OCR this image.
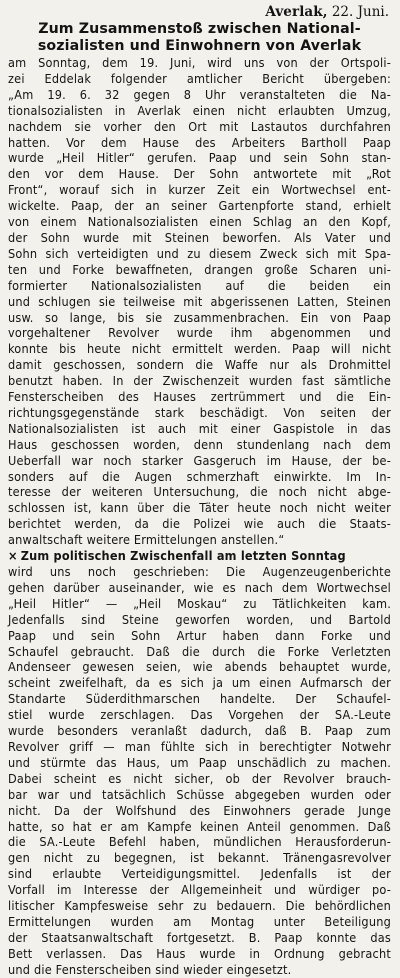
Averlak, 22. Juni.
Zum Zusammenstoß zwischen National-
sozialisten und Einwohnern von Averlak
am Sonntag, dem 19. Juni, wird uns von der Ortspoli-
zei Eddelak folgender amtlicher Bericht übergeben:
„Am 19. 6. 32 gegen 8 Uhr veranstalteten die Na-
tionalsozialisten in Averlak einen nicht erlaubten Umzug,
nachdem sie vorher den Ort mit Lastautos durchfahren
hatten. Vor dem Hause des Arbeiters Bartholl Paap
wurde „Heil Hitler“ gerufen. Paap und sein Sohn stan-
den vor dem Hause. Der Sohn antwortete mit „Rot
Front“, worauf sich in kurzer Zeit ein Wortwechsel ent-
wickelte. Paap, der an seiner Gartenpforte stand, erhielt
von einem Nationalsozialisten einen Schlag an den Kopf,
der Sohn wurde mit Steinen beworfen. Als Vater und
Sohn sich verteidigten und zu diesem Zweck sich mit Spa-
ten und Forke bewaffneten, drangen große Scharen uni-
formierter Nationalsozialisten auf die beiden ein
und schlugen sie teilweise mit abgerissenen Latten, Steinen
usw. so lange, bis sie zusammenbrachen. Ein von Paap
vorgehaltener Revolver wurde ihm abgenommen und
konnte bis heute nicht ermittelt werden. Paap will nicht
damit geschossen, sondern die Waffe nur als Drohmittel
benutzt haben. In der Zwischenzeit wurden fast sämtliche
Fensterscheiben des Hauses zertrümmert und die Ein-
richtungsgegenstände stark beschädigt. Von seiten der
Nationalsozialisten ist auch mit einer Gaspistole in das
Haus geschossen worden, denn stundenlang nach dem
Ueberfall war noch starker Gasgeruch im Hause, der be-
sonders auf die Augen schmerzhaft einwirkte. Im In-
teresse der weiteren Untersuchung, die noch nicht abge-
schlossen ist, kann über die Täter heute noch nicht weiter
berichtet werden, da die Polizei wie auch die Staats-
anwaltschaft weitere Ermittelungen anstellen.“
× Zum politischen Zwischenfall am letzten Sonntag
wird uns noch geschrieben: Die Augenzeugenberichte
gehen darüber auseinander, wie es nach dem Wortwechsel
„Heil Hitler“ — „Heil Moskau“ zu Tätlichkeiten kam.
Jedenfalls sind Steine geworfen worden, und Bartold
Paap und sein Sohn Artur haben dann Forke und
Schaufel gebraucht. Daß die durch die Forke Verletzten
Andenseer gewesen seien, wie abends behauptet wurde,
scheint zweifelhaft, da es sich ja um einen Aufmarsch der
Standarte Süderdithmarschen handelte. Der Schaufel-
stiel wurde zerschlagen. Das Vorgehen der SA.-Leute
wurde besonders veranlaßt dadurch, daß B. Paap zum
Revolver griff — man fühlte sich in berechtigter Notwehr
und stürmte das Haus, um Paap unschädlich zu machen.
Dabei scheint es nicht sicher, ob der Revolver brauch-
bar war und tatsächlich Schüsse abgegeben wurden oder
nicht. Da der Wolfshund des Einwohners gerade Junge
hatte, so hat er am Kampfe keinen Anteil genommen. Daß
die SA.-Leute Befehl haben, mündlichen Herausforderun-
gen nicht zu begegnen, ist bekannt. Tränengasrevolver
sind erlaubte Verteidigungsmittel. Jedenfalls ist der
Vorfall im Interesse der Allgemeinheit und würdiger po-
litischer Kampfesweise sehr zu bedauern. Die behördlichen
Ermittelungen wurden am Montag unter Beteiligung
der Staatsanwaltschaft fortgesetzt. B. Paap konnte das
Bett verlassen. Das Haus wurde in Ordnung gebracht
und die Fensterscheiben sind wieder eingesetzt.
